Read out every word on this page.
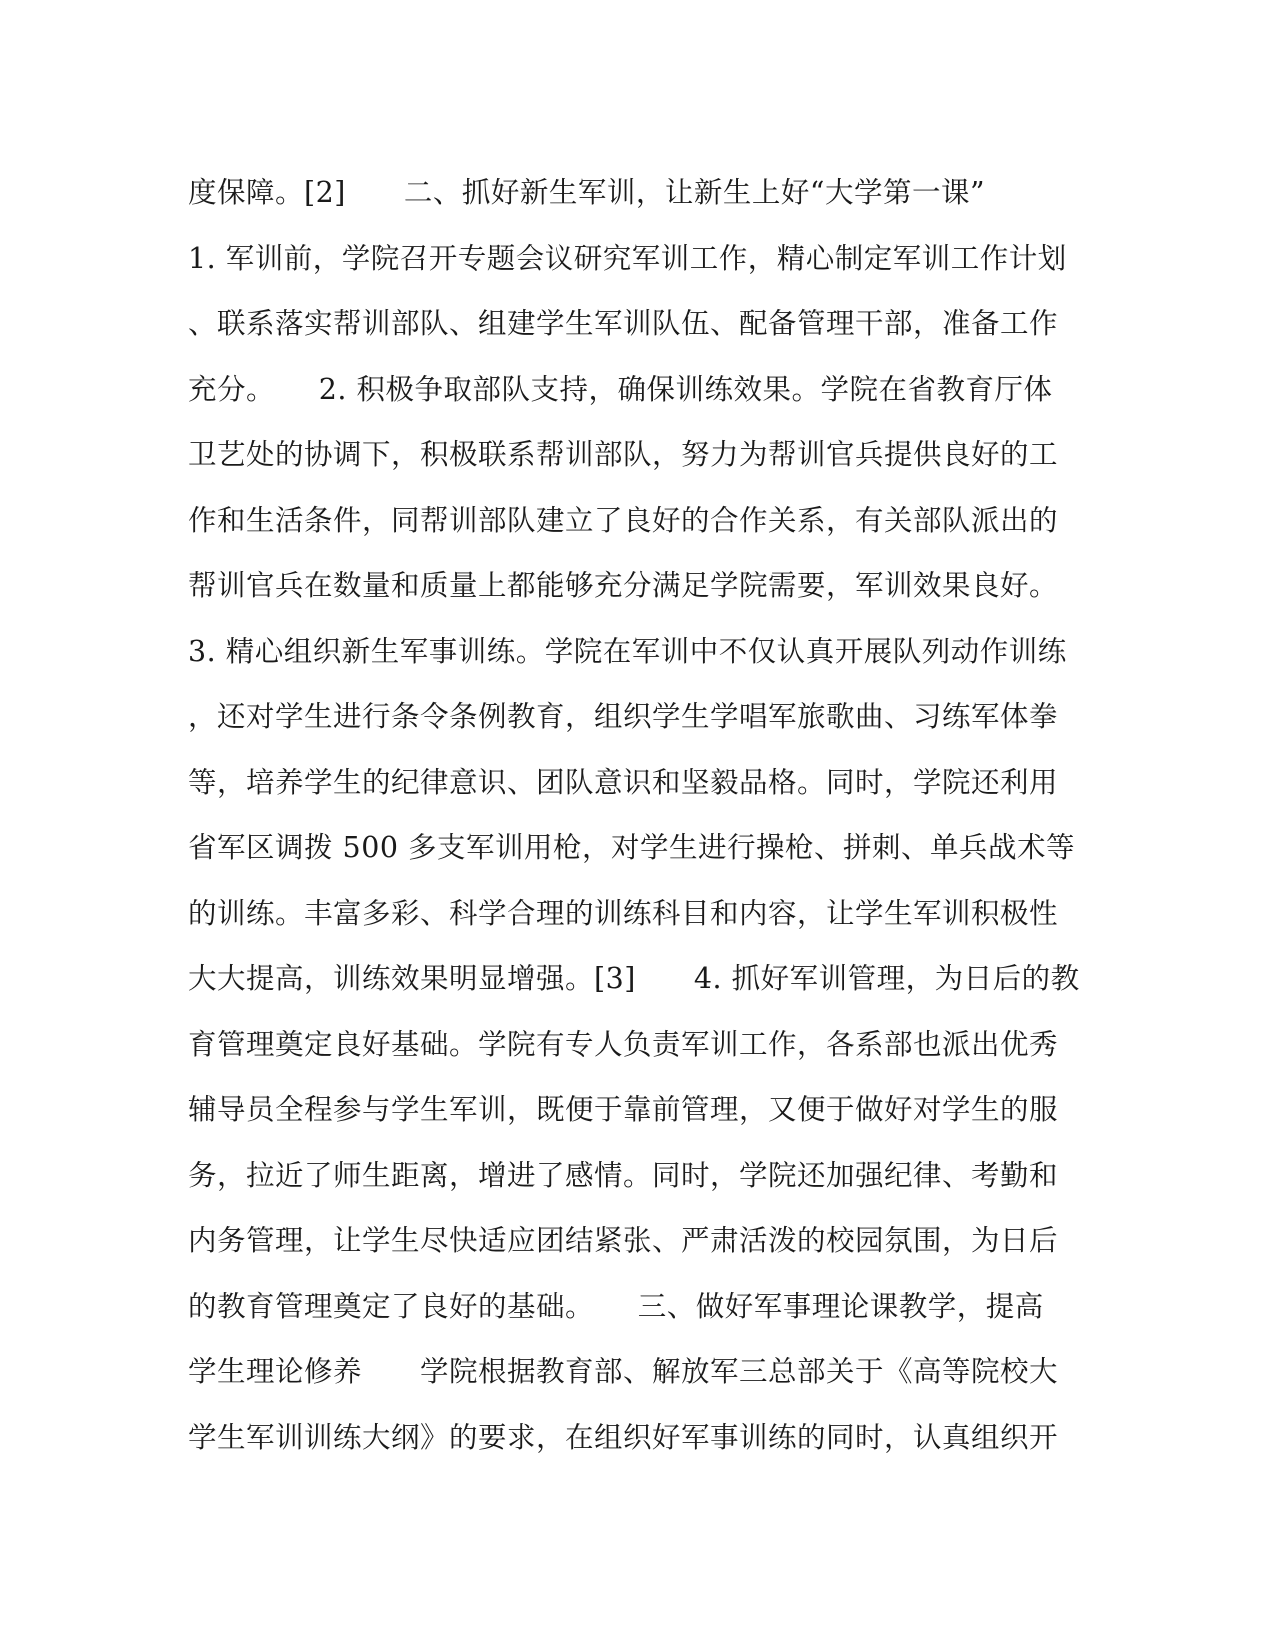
度保障。[2]　　二、抓好新生军训，让新生上好“大学第一课”
1. 军训前，学院召开专题会议研究军训工作，精心制定军训工作计划
、联系落实帮训部队、组建学生军训队伍、配备管理干部，准备工作
充分。　　2. 积极争取部队支持，确保训练效果。学院在省教育厅体
卫艺处的协调下，积极联系帮训部队，努力为帮训官兵提供良好的工
作和生活条件，同帮训部队建立了良好的合作关系，有关部队派出的
帮训官兵在数量和质量上都能够充分满足学院需要，军训效果良好。
3. 精心组织新生军事训练。学院在军训中不仅认真开展队列动作训练
，还对学生进行条令条例教育，组织学生学唱军旅歌曲、习练军体拳
等，培养学生的纪律意识、团队意识和坚毅品格。同时，学院还利用
省军区调拨 500 多支军训用枪，对学生进行操枪、拼刺、单兵战术等
的训练。丰富多彩、科学合理的训练科目和内容，让学生军训积极性
大大提高，训练效果明显增强。[3]　　4. 抓好军训管理，为日后的教
育管理奠定良好基础。学院有专人负责军训工作，各系部也派出优秀
辅导员全程参与学生军训，既便于靠前管理，又便于做好对学生的服
务，拉近了师生距离，增进了感情。同时，学院还加强纪律、考勤和
内务管理，让学生尽快适应团结紧张、严肃活泼的校园氛围，为日后
的教育管理奠定了良好的基础。　　三、做好军事理论课教学，提高
学生理论修养　　学院根据教育部、解放军三总部关于《高等院校大
学生军训训练大纲》的要求，在组织好军事训练的同时，认真组织开
